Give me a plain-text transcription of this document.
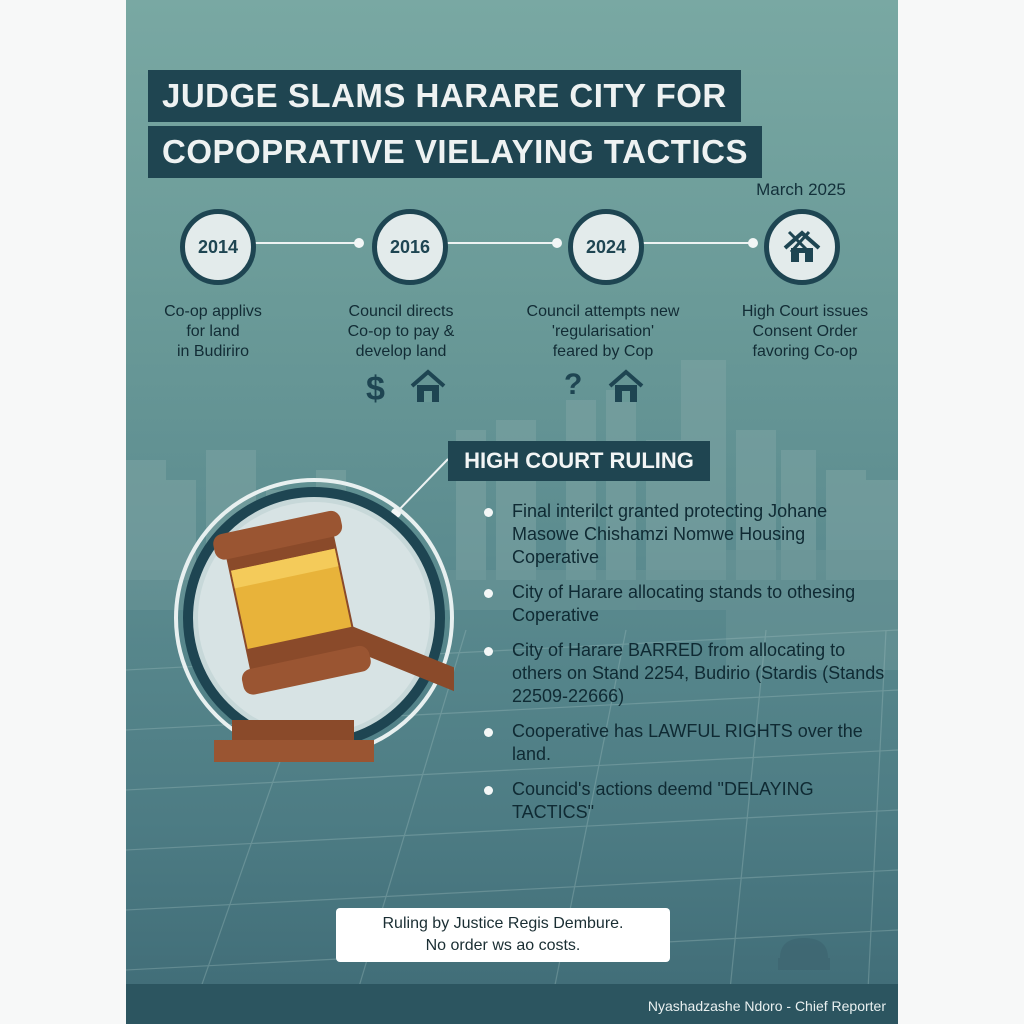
JUDGE SLAMS HARARE CITY FOR
COPOPRATIVE VIELAYING TACTICS
March 2025
2014	2016	2024
Co-op applivs
for land
in Budiriro
Council directs
Co-op to pay &
develop land
Council attempts new
'regularisation'
feared by Cop
High Court issues
Consent Order
favoring Co-op
$	?
HIGH COURT RULING
Final interilct granted protecting Johane Masowe Chishamzi Nomwe Housing Coperative
City of Harare allocating stands to othesing Coperative
City of Harare BARRED from allocating to others on Stand 2254, Budirio (Stardis (Stands 22509-22666)
Cooperative has LAWFUL RIGHTS over the land.
Councid's actions deemd "DELAYING TACTICS"
Ruling by Justice Regis Dembure.
No order ws ao costs.
Nyashadzashe Ndoro - Chief Reporter
